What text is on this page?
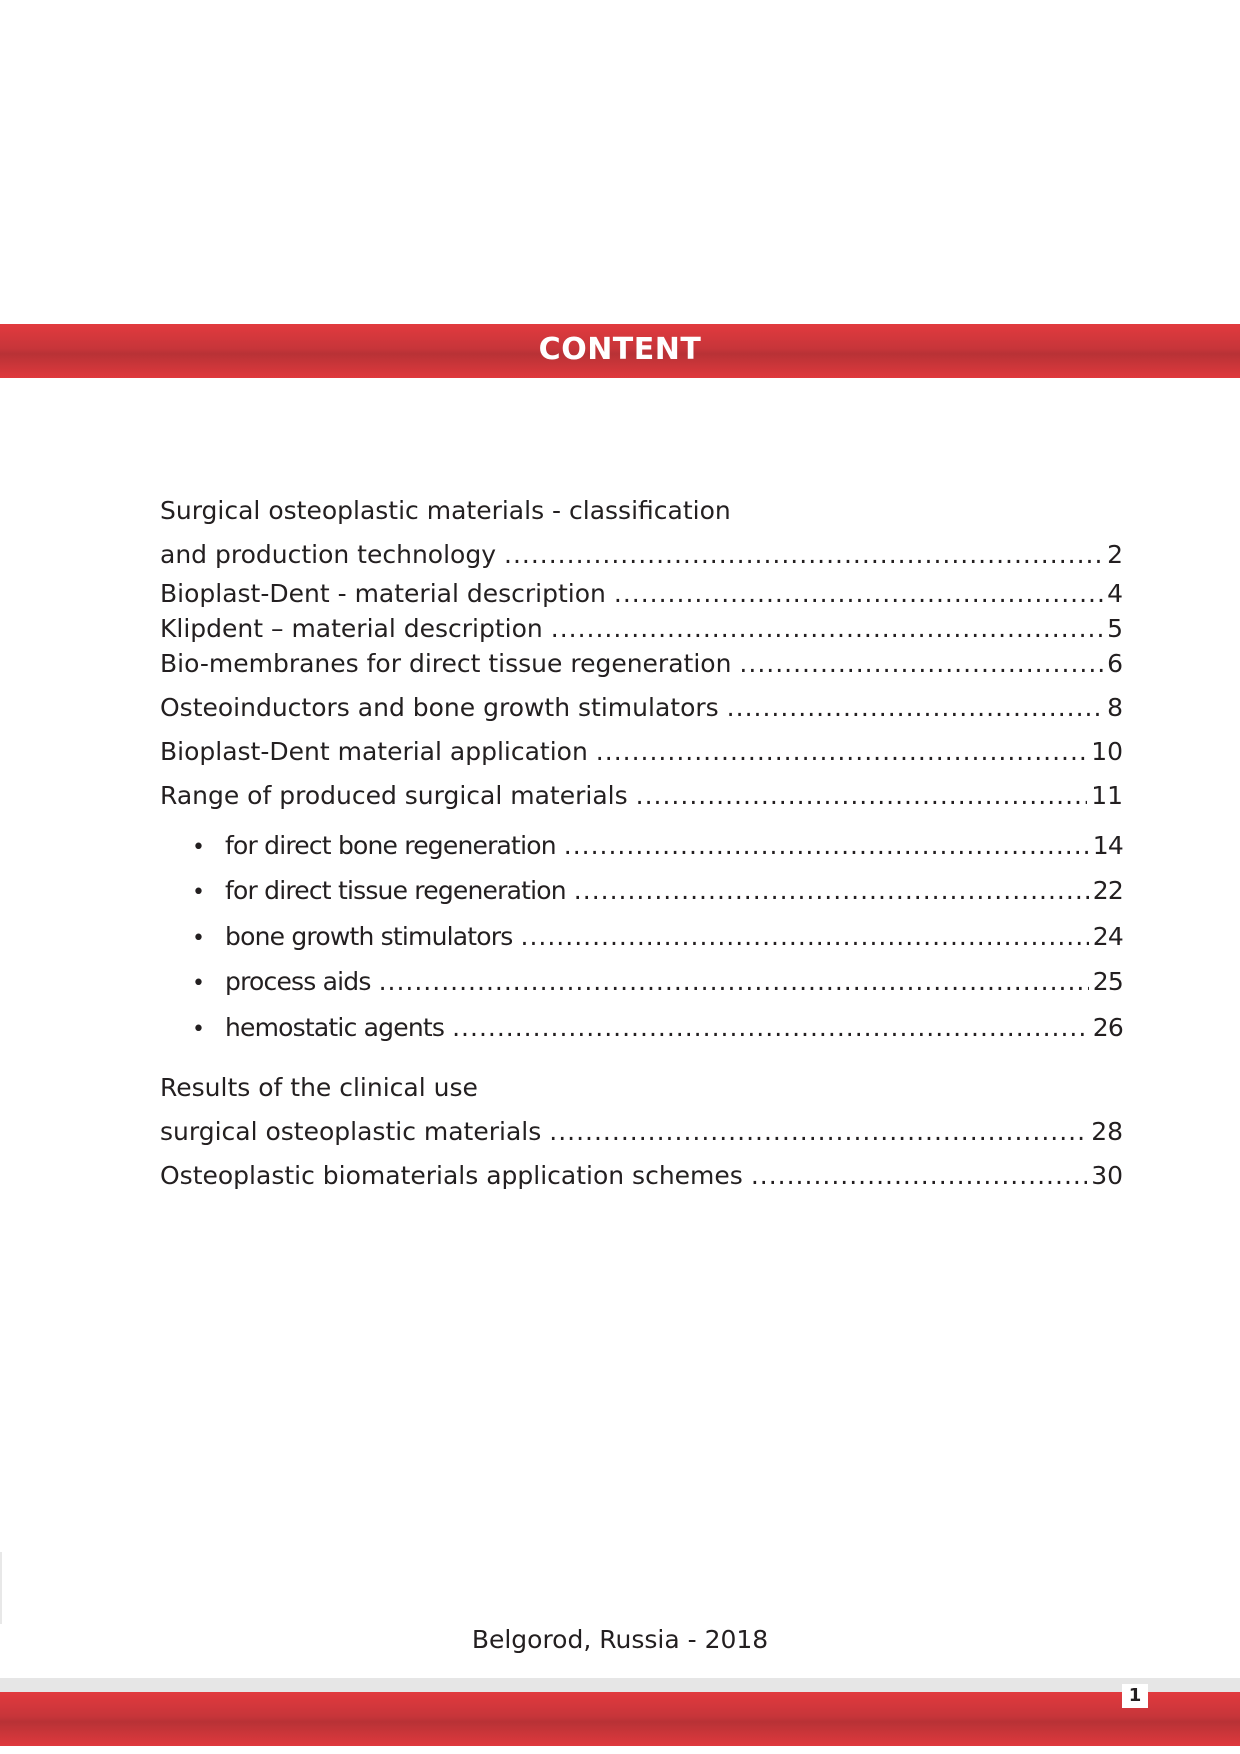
CONTENT
Surgical osteoplastic materials - classification
and production technology .....	2
Bioplast-Dent - material description .....	4
Klipdent – material description .....	5
Bio-membranes for direct tissue regeneration .....	6
Osteoinductors and bone growth stimulators .....	8
Bioplast-Dent material application .....	10
Range of produced surgical materials .....	11
• for direct bone regeneration .....	14
• for direct tissue regeneration .....	22
• bone growth stimulators .....	24
• process aids .....	25
• hemostatic agents .....	26
Results of the clinical use
surgical osteoplastic materials .....	28
Osteoplastic biomaterials application schemes .....	30
Belgorod, Russia - 2018
1
